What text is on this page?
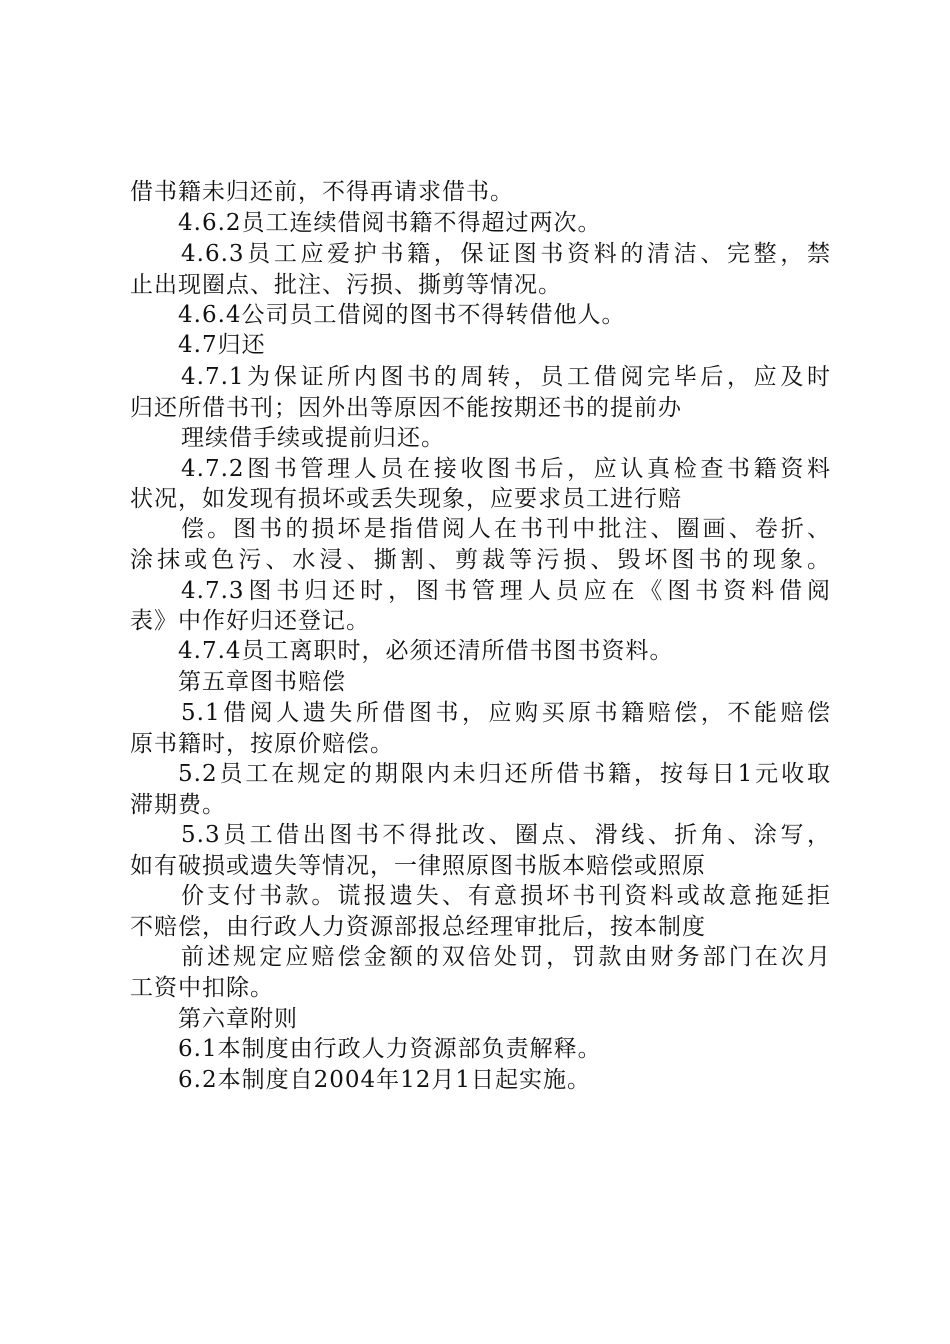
借书籍未归还前，不得再请求借书。
4.6.2员工连续借阅书籍不得超过两次。
4.6.3员工应爱护书籍，保证图书资料的清洁、完整，禁
止出现圈点、批注、污损、撕剪等情况。
4.6.4公司员工借阅的图书不得转借他人。
4.7归还
4.7.1为保证所内图书的周转，员工借阅完毕后，应及时
归还所借书刊；因外出等原因不能按期还书的提前办
理续借手续或提前归还。
4.7.2图书管理人员在接收图书后，应认真检查书籍资料
状况，如发现有损坏或丢失现象，应要求员工进行赔
偿。图书的损坏是指借阅人在书刊中批注、圈画、卷折、
涂抹或色污、水浸、撕割、剪裁等污损、毁坏图书的现象。
4.7.3图书归还时，图书管理人员应在《图书资料借阅
表》中作好归还登记。
4.7.4员工离职时，必须还清所借书图书资料。
第五章图书赔偿
5.1借阅人遗失所借图书，应购买原书籍赔偿，不能赔偿
原书籍时，按原价赔偿。
5.2员工在规定的期限内未归还所借书籍，按每日1元收取
滞期费。
5.3员工借出图书不得批改、圈点、滑线、折角、涂写，
如有破损或遗失等情况，一律照原图书版本赔偿或照原
价支付书款。谎报遗失、有意损坏书刊资料或故意拖延拒
不赔偿，由行政人力资源部报总经理审批后，按本制度
前述规定应赔偿金额的双倍处罚，罚款由财务部门在次月
工资中扣除。
第六章附则
6.1本制度由行政人力资源部负责解释。
6.2本制度自2004年12月1日起实施。
